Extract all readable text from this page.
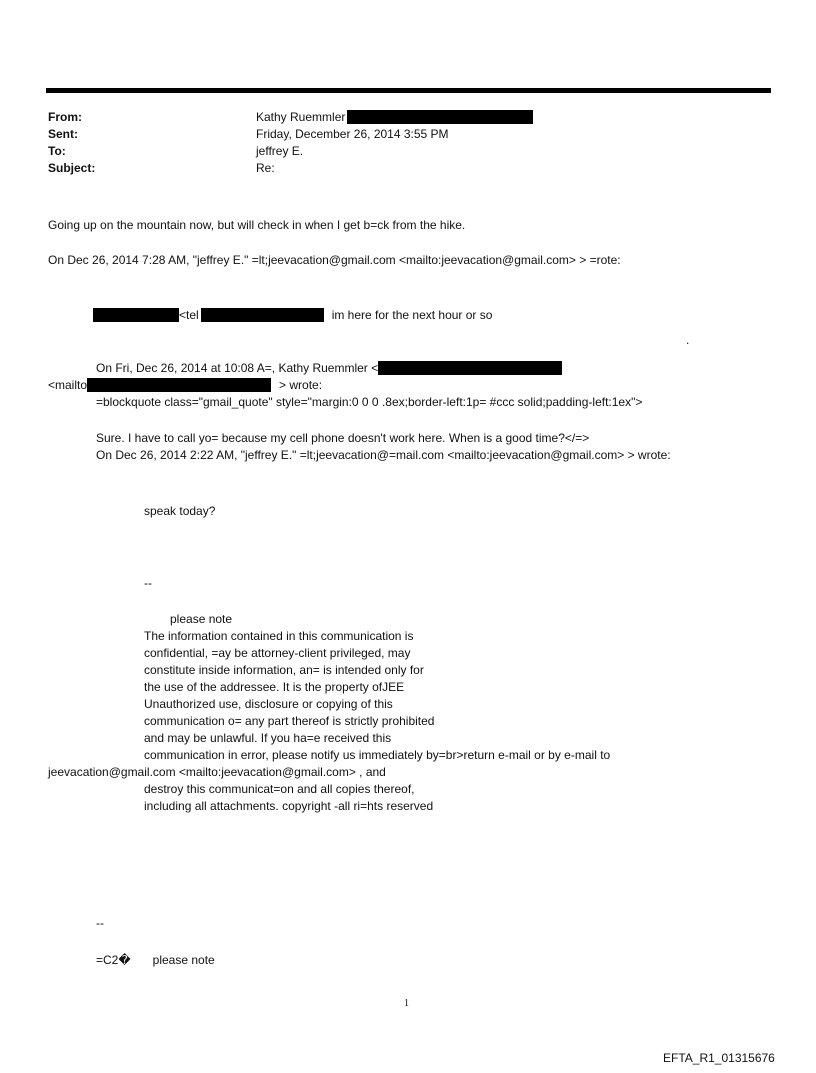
From:	Kathy Ruemmler
Sent:	Friday, December 26, 2014 3:55 PM
To:	jeffrey E.
Subject:	Re:
Going up on the mountain now, but will check in when I get b=ck from the hike.
On Dec 26, 2014 7:28 AM, "jeffrey E." =lt;jeevacation@gmail.com <mailto:jeevacation@gmail.com> > =rote:
<tel	im here for the next hour or so
.
On Fri, Dec 26, 2014 at 10:08 A=, Kathy Ruemmler <
<mailto	> wrote:
=blockquote class="gmail_quote" style="margin:0 0 0 .8ex;border-left:1p= #ccc solid;padding-left:1ex">
Sure. I have to call yo= because my cell phone doesn't work here. When is a good time?</=>
On Dec 26, 2014 2:22 AM, "jeffrey E." =lt;jeevacation@=mail.com <mailto:jeevacation@gmail.com> > wrote:
speak today?
--
please note
The information contained in this communication is
confidential, =ay be attorney-client privileged, may
constitute inside information, an= is intended only for
the use of the addressee. It is the property ofJEE
Unauthorized use, disclosure or copying of this
communication o= any part thereof is strictly prohibited
and may be unlawful. If you ha=e received this
communication in error, please notify us immediately by=br>return e-mail or by e-mail to
jeevacation@gmail.com <mailto:jeevacation@gmail.com> , and
destroy this communicat=on and all copies thereof,
including all attachments. copyright -all ri=hts reserved
--
=C2� please note
1
EFTA_R1_01315676
